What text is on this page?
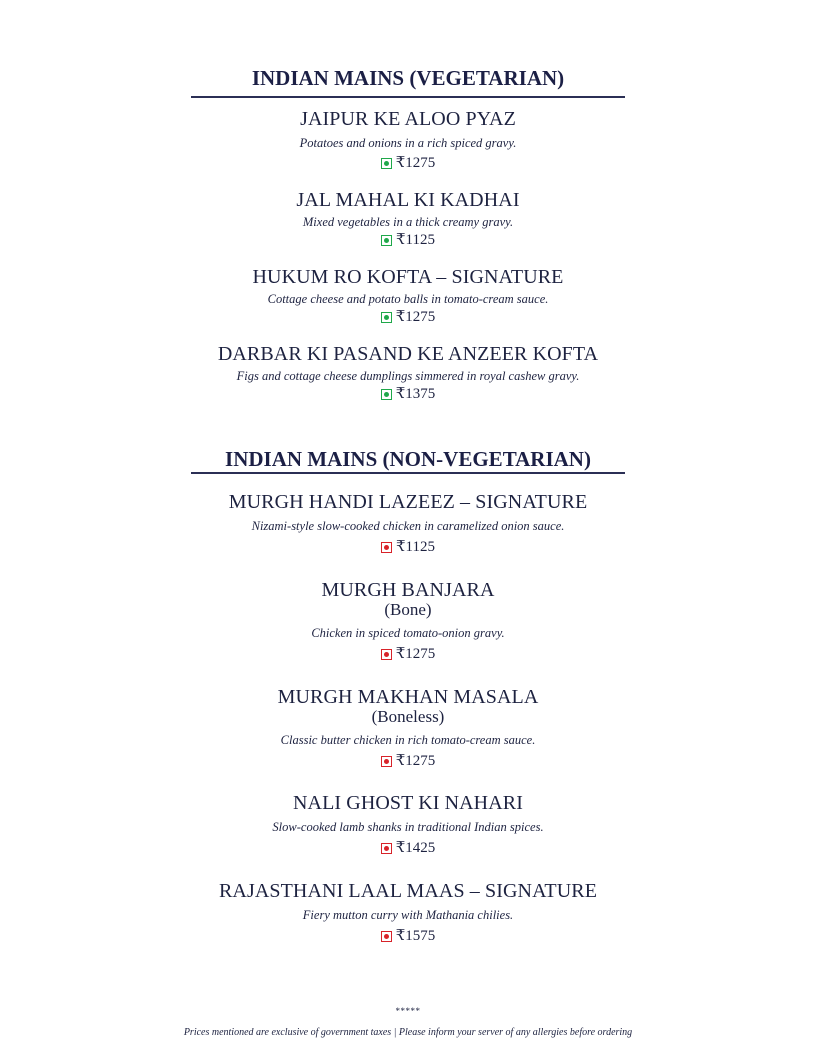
INDIAN MAINS (VEGETARIAN)
JAIPUR KE ALOO PYAZ
Potatoes and onions in a rich spiced gravy.
₹1275
JAL MAHAL KI KADHAI
Mixed vegetables in a thick creamy gravy.
₹1125
HUKUM RO KOFTA – SIGNATURE
Cottage cheese and potato balls in tomato-cream sauce.
₹1275
DARBAR KI PASAND KE ANZEER KOFTA
Figs and cottage cheese dumplings simmered in royal cashew gravy.
₹1375
INDIAN MAINS (NON-VEGETARIAN)
MURGH HANDI LAZEEZ – SIGNATURE
Nizami-style slow-cooked chicken in caramelized onion sauce.
₹1125
MURGH BANJARA
(Bone)
Chicken in spiced tomato-onion gravy.
₹1275
MURGH MAKHAN MASALA
(Boneless)
Classic butter chicken in rich tomato-cream sauce.
₹1275
NALI GHOST KI NAHARI
Slow-cooked lamb shanks in traditional Indian spices.
₹1425
RAJASTHANI LAAL MAAS – SIGNATURE
Fiery mutton curry with Mathania chilies.
₹1575
*****
Prices mentioned are exclusive of government taxes | Please inform your server of any allergies before ordering
